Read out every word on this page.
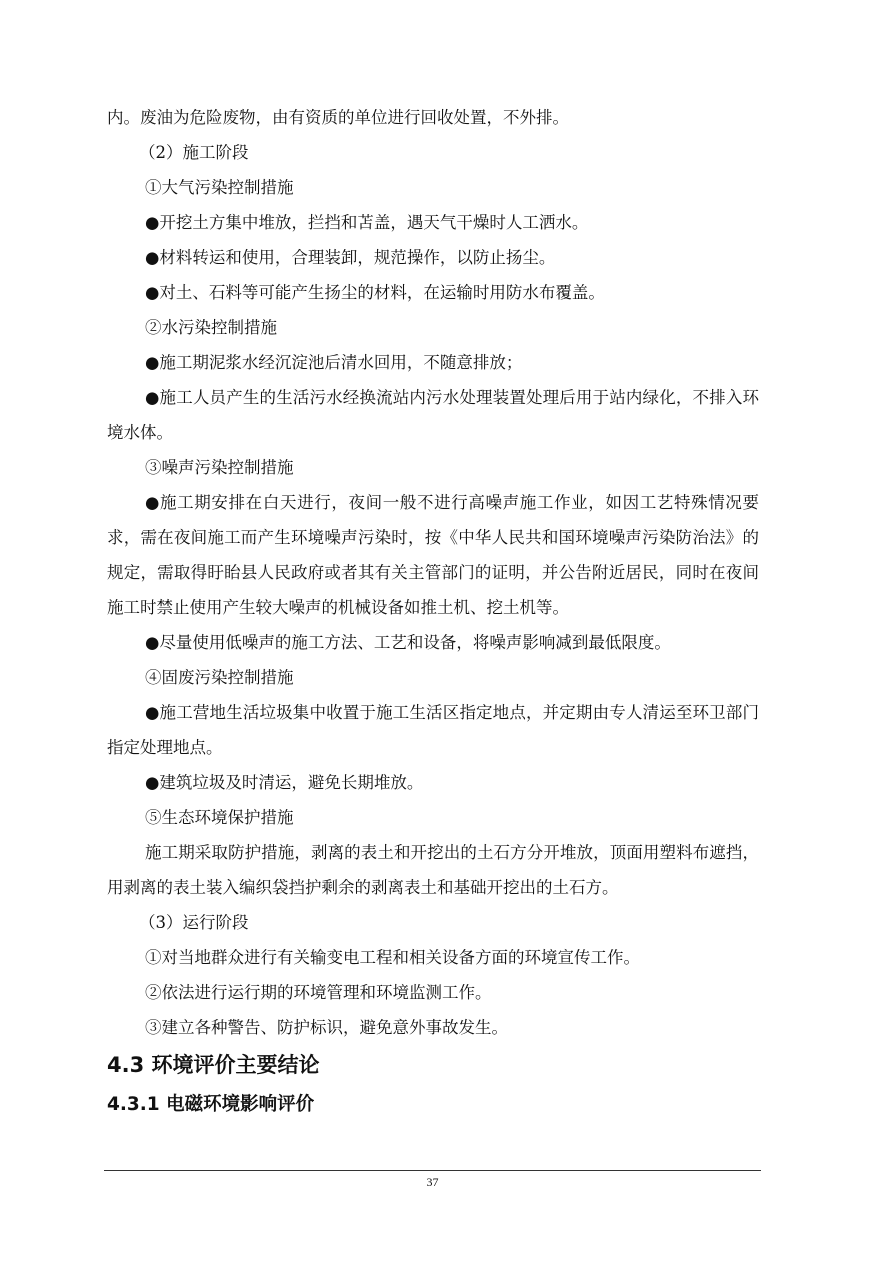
内。废油为危险废物，由有资质的单位进行回收处置，不外排。

（2）施工阶段

①大气污染控制措施

●开挖土方集中堆放，拦挡和苫盖，遇天气干燥时人工洒水。

●材料转运和使用，合理装卸，规范操作，以防止扬尘。

●对土、石料等可能产生扬尘的材料，在运输时用防水布覆盖。

②水污染控制措施

●施工期泥浆水经沉淀池后清水回用，不随意排放；

●施工人员产生的生活污水经换流站内污水处理装置处理后用于站内绿化，不排入环境水体。

③噪声污染控制措施

●施工期安排在白天进行，夜间一般不进行高噪声施工作业，如因工艺特殊情况要求，需在夜间施工而产生环境噪声污染时，按《中华人民共和国环境噪声污染防治法》的规定，需取得盱眙县人民政府或者其有关主管部门的证明，并公告附近居民，同时在夜间施工时禁止使用产生较大噪声的机械设备如推土机、挖土机等。

●尽量使用低噪声的施工方法、工艺和设备，将噪声影响减到最低限度。

④固废污染控制措施

●施工营地生活垃圾集中收置于施工生活区指定地点，并定期由专人清运至环卫部门指定处理地点。

●建筑垃圾及时清运，避免长期堆放。

⑤生态环境保护措施

施工期采取防护措施，剥离的表土和开挖出的土石方分开堆放，顶面用塑料布遮挡，用剥离的表土装入编织袋挡护剩余的剥离表土和基础开挖出的土石方。

（3）运行阶段

①对当地群众进行有关输变电工程和相关设备方面的环境宣传工作。

②依法进行运行期的环境管理和环境监测工作。

③建立各种警告、防护标识，避免意外事故发生。

4.3 环境评价主要结论
4.3.1 电磁环境影响评价
37
